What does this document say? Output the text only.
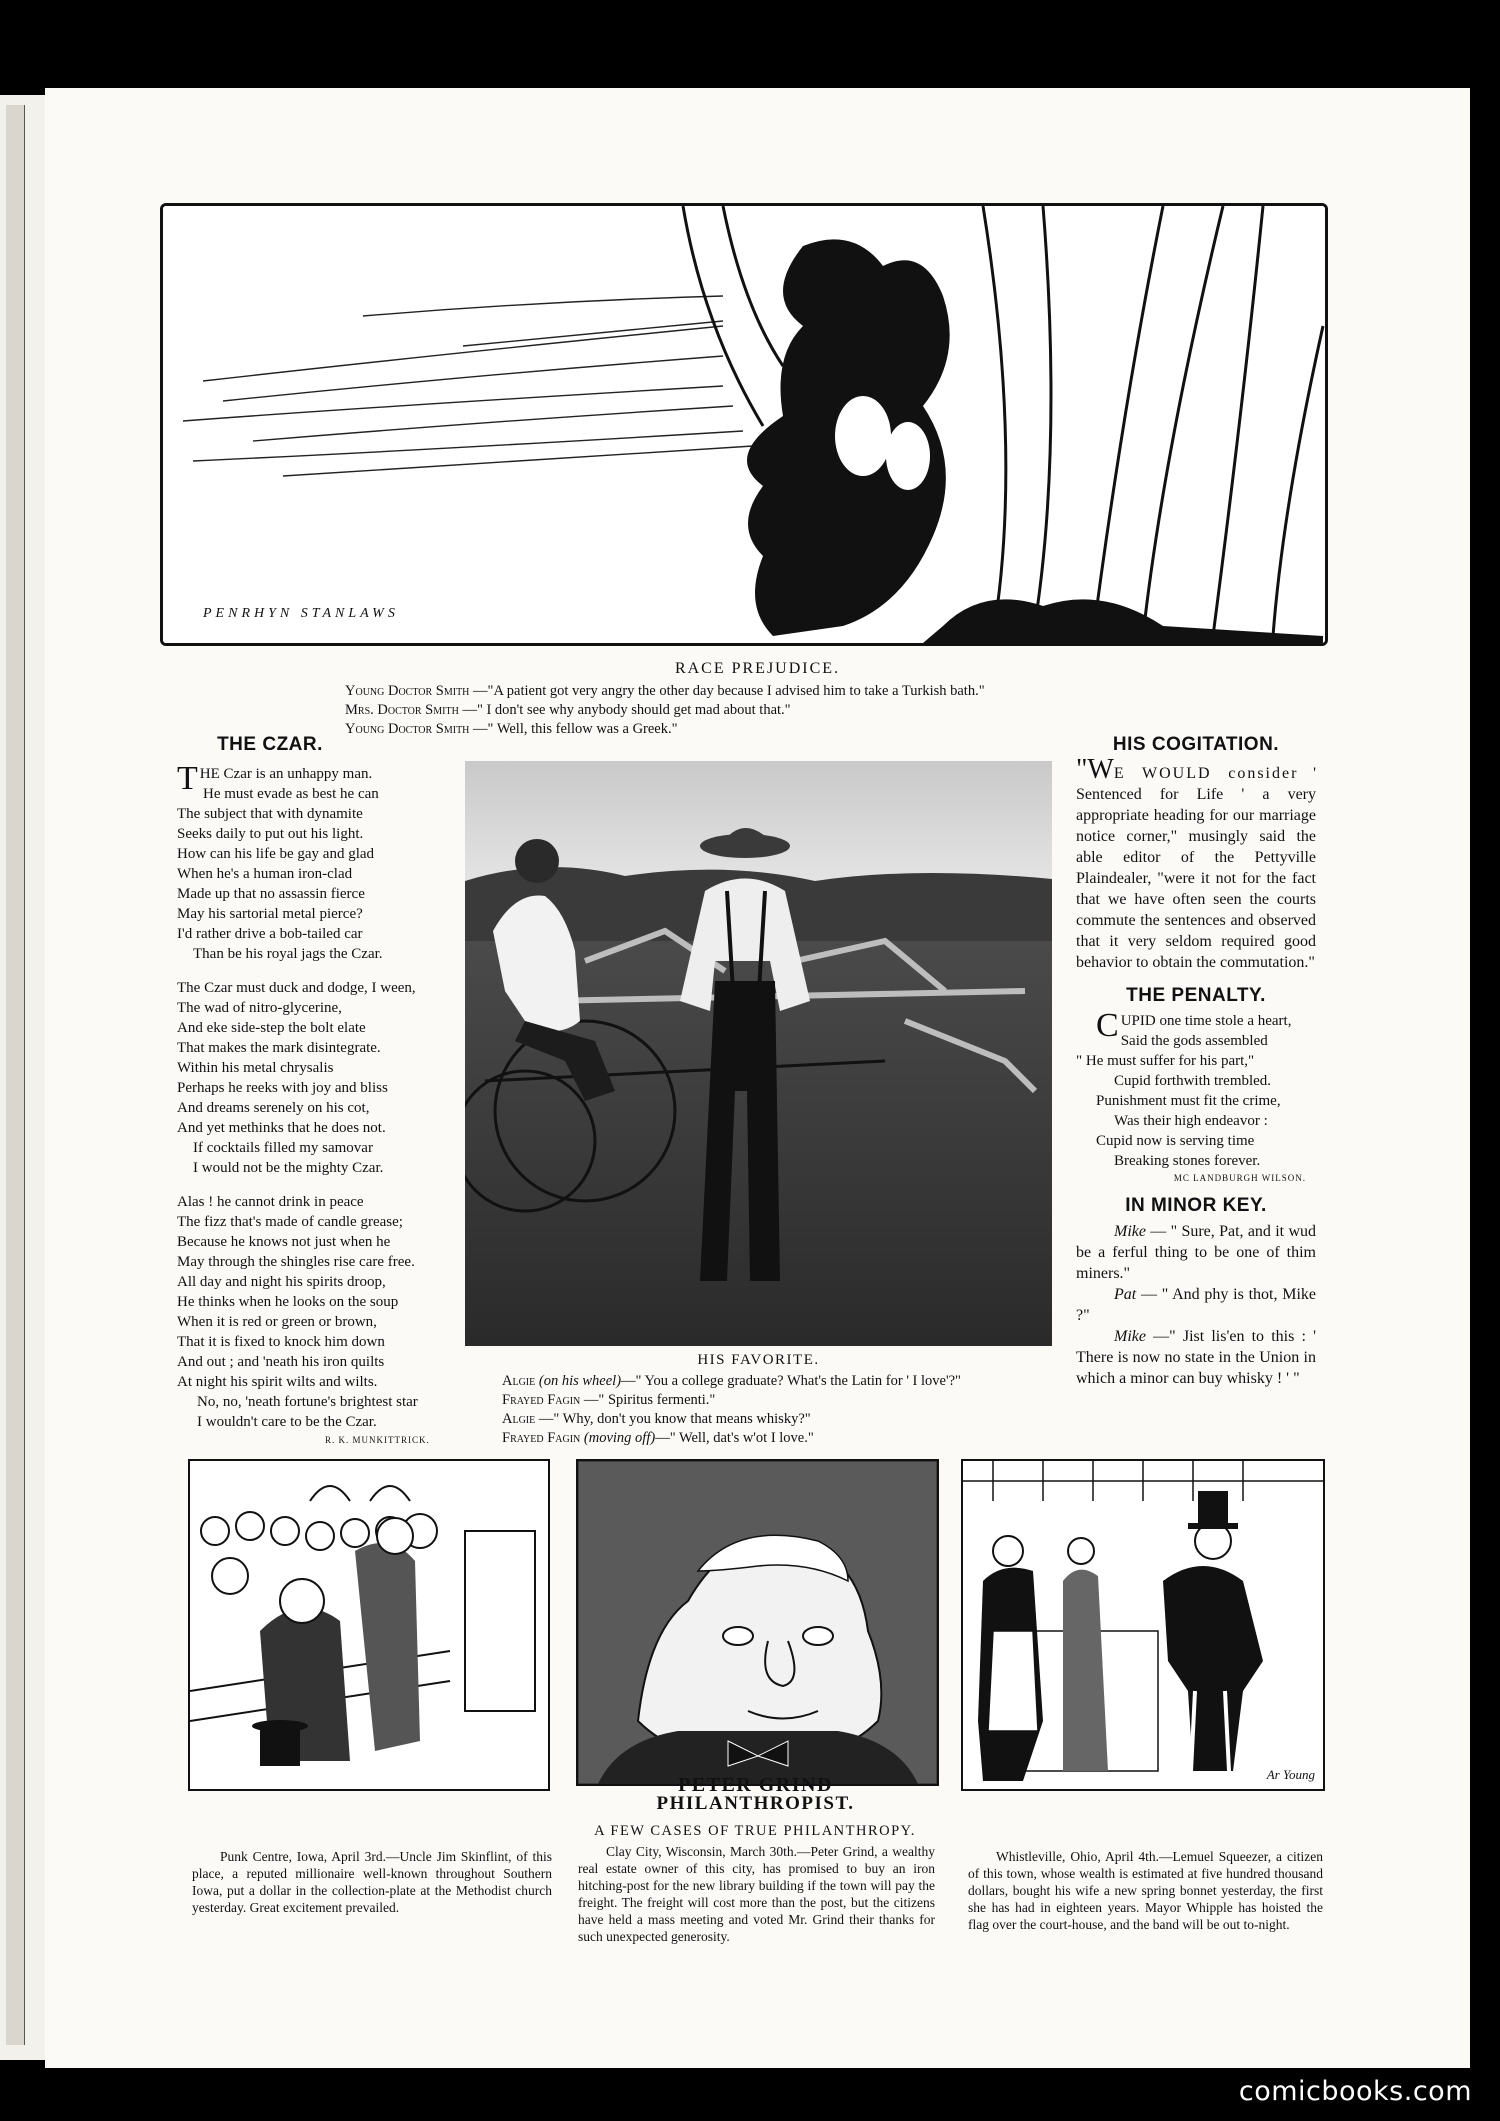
PENRHYN STANLAWS
RACE PREJUDICE.
Young Doctor Smith —"A patient got very angry the other day because I advised him to take a Turkish bath."
Mrs. Doctor Smith —" I don't see why anybody should get mad about that."
Young Doctor Smith —" Well, this fellow was a Greek."
THE CZAR.
THE Czar is an unhappy man.
He must evade as best he can
The subject that with dynamite
Seeks daily to put out his light.
How can his life be gay and glad
When he's a human iron-clad
Made up that no assassin fierce
May his sartorial metal pierce?
I'd rather drive a bob-tailed car
Than be his royal jags the Czar.
The Czar must duck and dodge, I ween,
The wad of nitro-glycerine,
And eke side-step the bolt elate
That makes the mark disintegrate.
Within his metal chrysalis
Perhaps he reeks with joy and bliss
And dreams serenely on his cot,
And yet methinks that he does not.
If cocktails filled my samovar
I would not be the mighty Czar.
Alas ! he cannot drink in peace
The fizz that's made of candle grease;
Because he knows not just when he
May through the shingles rise care free.
All day and night his spirits droop,
He thinks when he looks on the soup
When it is red or green or brown,
That it is fixed to knock him down
And out ; and 'neath his iron quilts
At night his spirit wilts and wilts.
No, no, 'neath fortune's brightest star
I wouldn't care to be the Czar.
R. K. MUNKITTRICK.
HIS FAVORITE.
Algie (on his wheel)—" You a college graduate? What's the Latin for ' I love'?"
Frayed Fagin —" Spiritus fermenti."
Algie —" Why, don't you know that means whisky?"
Frayed Fagin (moving off)—" Well, dat's w'ot I love."
HIS COGITATION.

"WE WOULD consider ' Sentenced for Life ' a very appropriate heading for our marriage notice corner," musingly said the able editor of the Pettyville Plaindealer, "were it not for the fact that we have often seen the courts commute the sentences and observed that it very seldom required good behavior to obtain the commutation."

THE PENALTY.
CUPID one time stole a heart,
Said the gods assembled
" He must suffer for his part,"
Cupid forthwith trembled.
Punishment must fit the crime,
Was their high endeavor :
Cupid now is serving time
Breaking stones forever.
MC LANDBURGH WILSON.
IN MINOR KEY.

Mike — " Sure, Pat, and it wud be a ferful thing to be one of thim miners."

Pat — " And phy is thot, Mike ?"

Mike —" Jist lis'en to this : ' There is now no state in the Union in which a minor can buy whisky ! ' "

PETER GRIND
PHILANTHROPIST.
A FEW CASES OF TRUE PHILANTHROPY.
Ar Young
Punk Centre, Iowa, April 3rd.—Uncle Jim Skinflint, of this place, a reputed millionaire well-known throughout Southern Iowa, put a dollar in the collection-plate at the Methodist church yesterday. Great excitement prevailed.
Clay City, Wisconsin, March 30th.—Peter Grind, a wealthy real estate owner of this city, has promised to buy an iron hitching-post for the new library building if the town will pay the freight. The freight will cost more than the post, but the citizens have held a mass meeting and voted Mr. Grind their thanks for such unexpected generosity.
Whistleville, Ohio, April 4th.—Lemuel Squeezer, a citizen of this town, whose wealth is estimated at five hundred thousand dollars, bought his wife a new spring bonnet yesterday, the first she has had in eighteen years. Mayor Whipple has hoisted the flag over the court-house, and the band will be out to-night.
comicbooks.com
